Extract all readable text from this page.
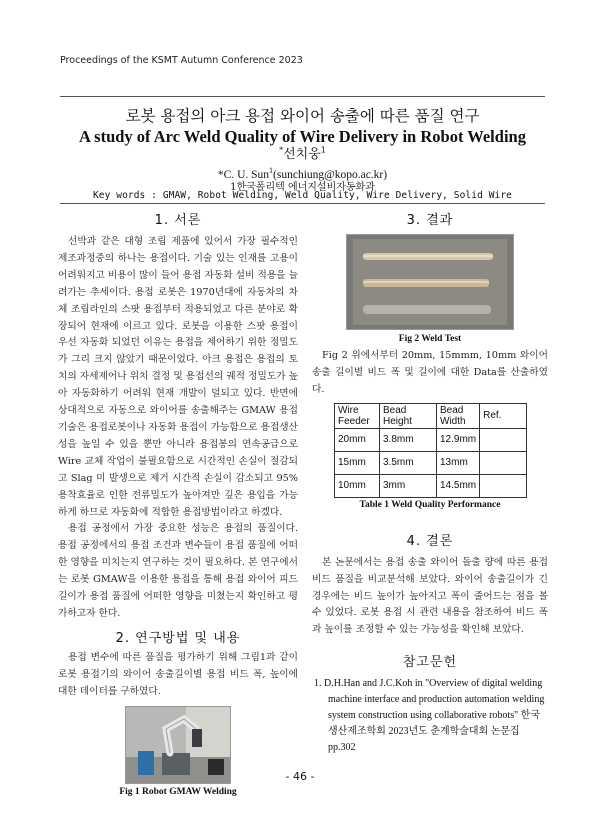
Proceedings of the KSMT Autumn Conference 2023
로봇 용접의 아크 용접 와이어 송출에 따른 품질 연구
A study of Arc Weld Quality of Wire Delivery in Robot Welding
*선치웅$^1$
*C. U. Sun$^1$(sunchiung@kopo.ac.kr)
1한국폴리텍 에너지설비자동화과
Key words : GMAW, Robot Welding, Weld Quality, Wire Delivery, Solid Wire
1. 서론

선박과 같은 대형 조립 제품에 있어서 가장 필수적인 제조과정중의 하나는 용접이다. 기술 있는 인재를 고용이 어려워지고 비용이 많이 들어 용접 자동화 설비 적용을 늘려가는 추세이다. 용접 로봇은 1970년대에 자동차의 차체 조립라인의 스팟 용접부터 적용되었고 다른 분야로 확장되어 현재에 이르고 있다. 로봇을 이용한 스팟 용접이 우선 자동화 되었던 이유는 용접을 제어하기 위한 정밀도가 그리 크지 않았기 때문이었다. 아크 용접은 용접의 토치의 자세제어나 위치 결정 및 용접선의 궤적 정밀도가 높아 자동화하기 어려워 현재 개발이 덜되고 있다. 반면에 상대적으로 자동으로 와이어를 송출해주는 GMAW 용접 기술은 용접로봇이나 자동화 용접이 가능함으로 용접생산성을 높일 수 있을 뿐만 아니라 용접봉의 연속공급으로 Wire 교체 작업이 불필요함으로 시간적인 손실이 절감되고 Slag 미 발생으로 제거 시간적 손실이 감소되고 95% 용착효율로 인한 전류밀도가 높아져만 깊은 용입을 가능하게 하므로 자동화에 적합한 용접방법이라고 하겠다.

용접 공정에서 가장 중요한 성능은 용접의 품질이다. 용접 공정에서의 용접 조건과 변수들이 용접 품질에 어떠한 영향을 미치는지 연구하는 것이 필요하다. 본 연구에서는 로봇 GMAW을 이용한 용접을 통해 용접 와이어 피드 길이가 용접 품질에 어떠한 영향을 미쳤는지 확인하고 평가하고자 한다.

2. 연구방법 및 내용

용접 변수에 따른 품질을 평가하기 위해 그림1과 같이 로봇 용접기의 와이어 송출길이별 용접 비드 폭, 높이에 대한 데이터를 구하였다.

Fig 1 Robot GMAW Welding
3. 결과
Fig 2 Weld Test

Fig 2 위에서부터 20mm, 15mmm, 10mm 와이어 송출 길이별 비드 폭 및 길이에 대한 Data를 산출하였다.

Wire Feeder	Bead Height	Bead Width	Ref.
20mm	3.8mm	12.9mm	
15mm	3.5mm	13mm	
10mm	3mm	14.5mm	
Table 1 Weld Quality Performance
4. 결론

본 논문에서는 용접 송출 와이어 돌출 량에 따른 용접 비드 품질을 비교분석해 보았다. 와이어 송출길이가 긴 경우에는 비드 높이가 높아지고 폭이 줄어드는 점을 볼 수 있었다. 로봇 용접 시 관련 내용을 참조하여 비드 폭과 높이를 조정할 수 있는 가능성을 확인해 보았다.

참고문헌
1. D.H.Han and J.C.Koh in "Overview of digital welding machine interface and production automation welding system construction using collaborative robots" 한국생산제조학회 2023년도 춘계학술대회 논문집 pp.302
- 46 -
